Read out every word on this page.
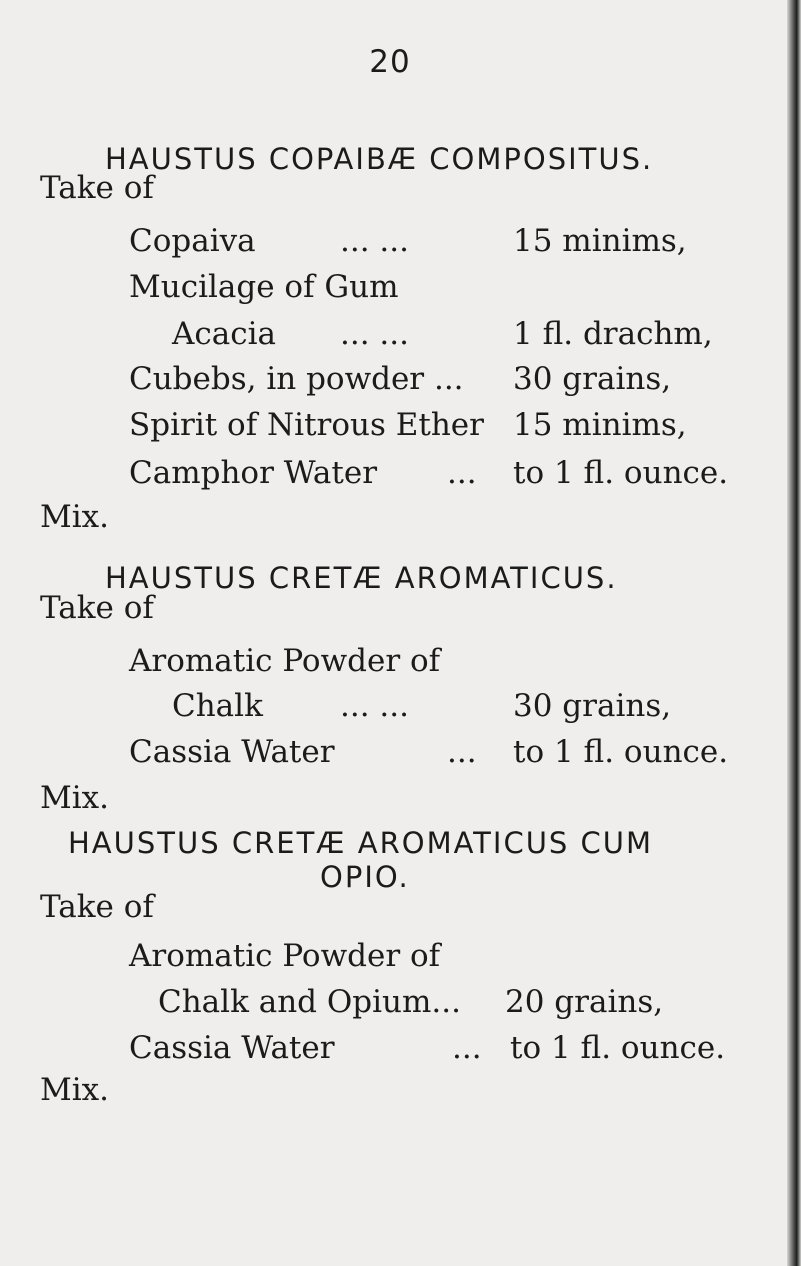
20
HAUSTUS COPAIBÆ COMPOSITUS.
Take of
Copaiva	... ...	15 minims,
Mucilage of Gum
Acacia ... ...	1 fl. drachm,
Cubebs, in powder ... 30 grains,
Spirit of Nitrous Ether 15 minims,
Camphor Water ... to 1 fl. ounce.
Mix.
HAUSTUS CRETÆ AROMATICUS.
Take of
Aromatic Powder of
Chalk ... ...	30 grains,
Cassia Water	... to 1 fl. ounce.
Mix.
HAUSTUS CRETÆ AROMATICUS CUM
OPIO.
Take of
Aromatic Powder of
Chalk and Opium... 20 grains,
Cassia Water	... to 1 fl. ounce.
Mix.
